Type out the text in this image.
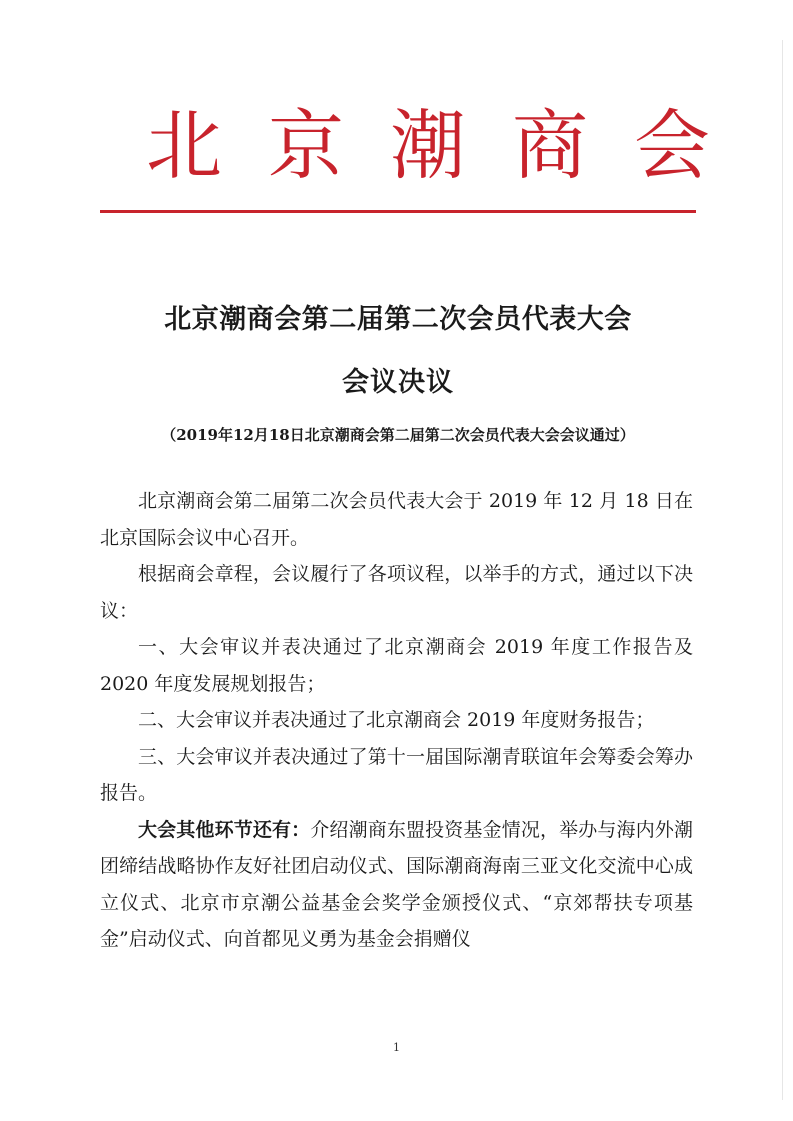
北京潮商会
北京潮商会第二届第二次会员代表大会
会议决议
（2019年12月18日北京潮商会第二届第二次会员代表大会会议通过）

北京潮商会第二届第二次会员代表大会于 2019 年 12 月 18 日在北京国际会议中心召开。

根据商会章程，会议履行了各项议程，以举手的方式，通过以下决议：

一、大会审议并表决通过了北京潮商会 2019 年度工作报告及 2020 年度发展规划报告；

二、大会审议并表决通过了北京潮商会 2019 年度财务报告；

三、大会审议并表决通过了第十一届国际潮青联谊年会筹委会筹办报告。

大会其他环节还有：介绍潮商东盟投资基金情况，举办与海内外潮团缔结战略协作友好社团启动仪式、国际潮商海南三亚文化交流中心成立仪式、北京市京潮公益基金会奖学金颁授仪式、“京郊帮扶专项基金”启动仪式、向首都见义勇为基金会捐赠仪

1
